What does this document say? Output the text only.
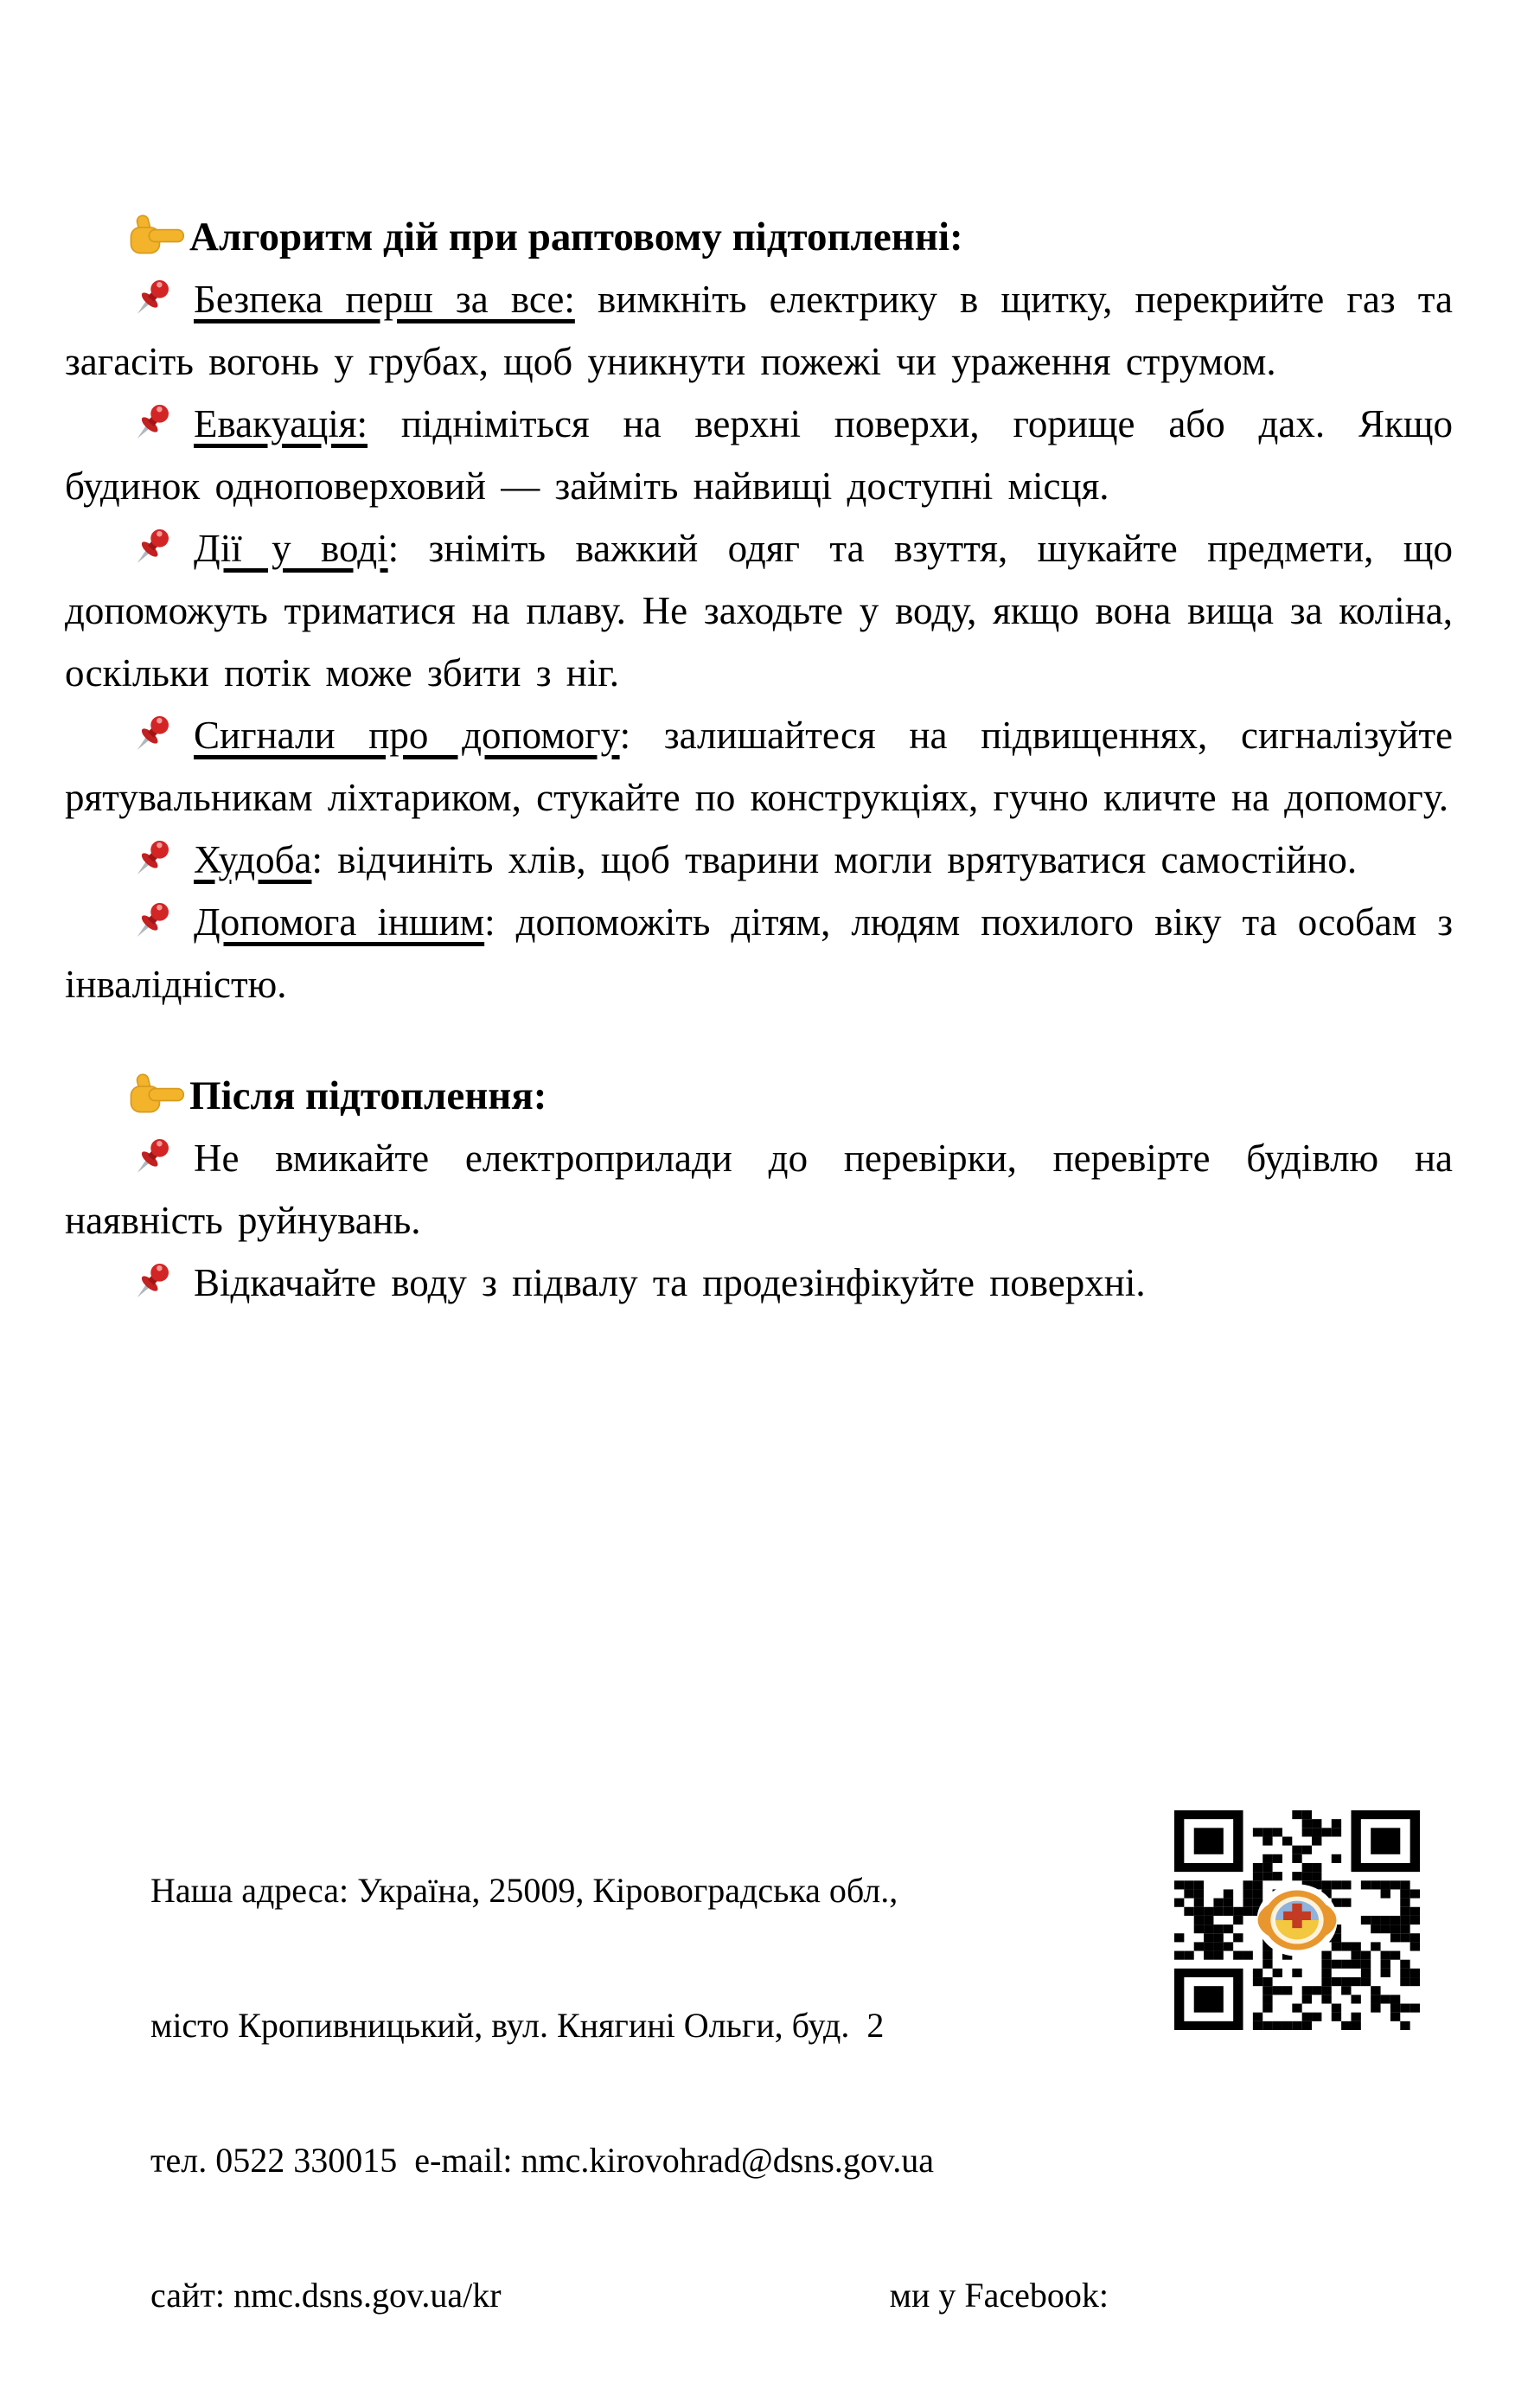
Алгоритм дій при раптовому підтопленні:

Безпека перш за все: вимкніть електрику в щитку, перекрийте газ та загасіть вогонь у грубах, щоб уникнути пожежі чи ураження струмом.

Евакуація: підніміться на верхні поверхи, горище або дах. Якщо будинок одноповерховий — займіть найвищі доступні місця.

Дії у воді: зніміть важкий одяг та взуття, шукайте предмети, що допоможуть триматися на плаву. Не заходьте у воду, якщо вона вища за коліна, оскільки потік може збити з ніг.

Сигнали про допомогу: залишайтеся на підвищеннях, сигналізуйте рятувальникам ліхтариком, стукайте по конструкціях, гучно кличте на допомогу.

Худоба: відчиніть хлів, щоб тварини могли врятуватися самостійно.

Допомога іншим: допоможіть дітям, людям похилого віку та особам з інвалідністю.

Після підтоплення:

Не вмикайте електроприлади до перевірки, перевірте будівлю на наявність руйнувань.

Відкачайте воду з підвалу та продезінфікуйте поверхні.

Наша адреса: Україна, 25009, Кіровоградська обл.,

місто Кропивницький, вул. Княгині Ольги, буд.  2

тел. 0522 330015  e-mail: nmc.kirovohrad@dsns.gov.ua

сайт: nmc.dsns.gov.ua/kr	ми у Facebook:
